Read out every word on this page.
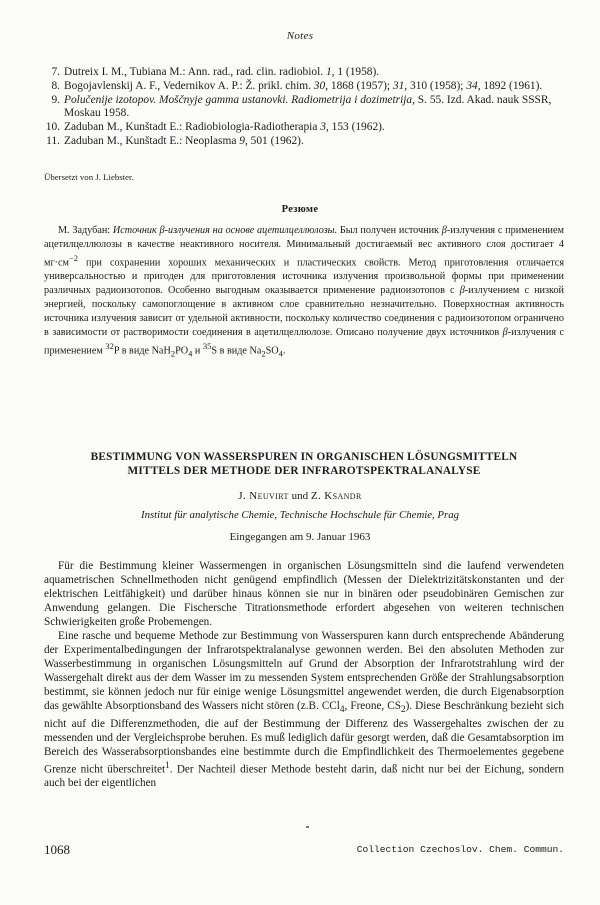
Notes
7. Dutreix I. M., Tubiana M.: Ann. rad., rad. clin. radiobiol. 1, 1 (1958).
8. Bogojavlenskij A. F., Vedernikov A. P.: Ž. prikl. chim. 30, 1868 (1957); 31, 310 (1958); 34, 1892 (1961).
9. Polučenije izotopov. Moščnyje gamma ustanovki. Radiometrija i dozimetrija, S. 55. Izd. Akad. nauk SSSR, Moskau 1958.
10. Zaduban M., Kunštadt E.: Radiobiologia-Radiotherapia 3, 153 (1962).
11. Zaduban M., Kunštadt E.: Neoplasma 9, 501 (1962).
Übersetzt von J. Liebster.
Резюме

М. Задубан: Источник β-излучения на основе ацетилцеллюлозы. Был получен источник β-излучения с применением ацетилцеллюлозы в качестве неактивного носителя. Минимальный достигаемый вес активного слоя достигает 4 $мг\cdot см^{-2}$ при сохранении хороших механических и пластических свойств. Метод приготовления отличается универсальностью и пригоден для приготовления источника излучения произвольной формы при применении различных радиоизотопов. Особенно выгодным оказывается применение радиоизотопов с β-излучением с низкой энергией, поскольку самопоглощение в активном слое сравнительно незначительно. Поверхностная активность источника излучения зависит от удельной активности, поскольку количество соединения с радиоизотопом ограничено в зависимости от растворимости соединения в ацетилцеллюлозе. Описано получение двух источников β-излучения с применением $^{32}$P в виде $NaH_2PO_4$ и $^{35}$S в виде $Na_2SO_4$.

BESTIMMUNG VON WASSERSPUREN IN ORGANISCHEN LÖSUNGSMITTELN
MITTELS DER METHODE DER INFRAROTSPEKTRALANALYSE
J. Neuvirt und Z. Ksandr
Institut für analytische Chemie, Technische Hochschule für Chemie, Prag
Eingegangen am 9. Januar 1963

Für die Bestimmung kleiner Wassermengen in organischen Lösungsmitteln sind die laufend verwendeten aquametrischen Schnellmethoden nicht genügend empfindlich (Messen der Dielektrizitätskonstanten und der elektrischen Leitfähigkeit) und darüber hinaus können sie nur in binären oder pseudobinären Gemischen zur Anwendung gelangen. Die Fischersche Titrationsmethode erfordert abgesehen von weiteren technischen Schwierigkeiten große Probemengen.

Eine rasche und bequeme Methode zur Bestimmung von Wasserspuren kann durch entsprechende Abänderung der Experimentalbedingungen der Infrarotspektralanalyse gewonnen werden. Bei den absoluten Methoden zur Wasserbestimmung in organischen Lösungsmitteln auf Grund der Absorption der Infrarotstrahlung wird der Wassergehalt direkt aus der dem Wasser im zu messenden System entsprechenden Größe der Strahlungsabsorption bestimmt, sie können jedoch nur für einige wenige Lösungsmittel angewendet werden, die durch Eigenabsorption das gewählte Absorptionsband des Wassers nicht stören (z.B. CCl$_4$, Freone, $CS_2$). Diese Beschränkung bezieht sich nicht auf die Differenzmethoden, die auf der Bestimmung der Differenz des Wassergehaltes zwischen der zu messenden und der Vergleichsprobe beruhen. Es muß lediglich dafür gesorgt werden, daß die Gesamtabsorption im Bereich des Wasserabsorptionsbandes eine bestimmte durch die Empfindlichkeit des Thermoelementes gegebene Grenze nicht überschreitet$^1$. Der Nachteil dieser Methode besteht darin, daß nicht nur bei der Eichung, sondern auch bei der eigentlichen

1068	Collection Czechoslov. Chem. Commun.
